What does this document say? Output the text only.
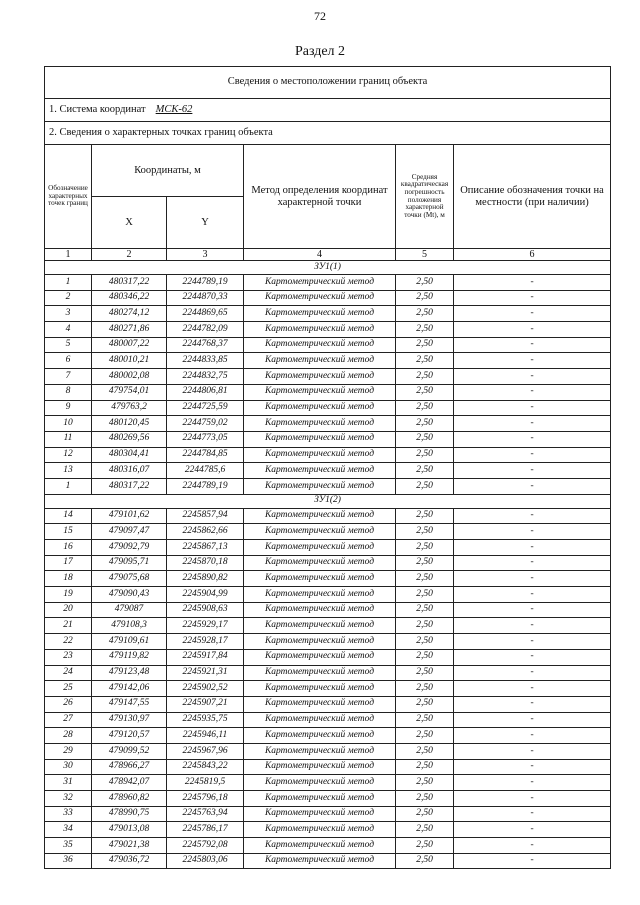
72
Раздел 2
Сведения о местоположении границ объекта					
1. Система координат МСК-62					
2. Сведения о характерных точках границ объекта					
Обозначение характерных точек границ	Координаты, м		Метод определения координат характерной точки	Средняя квадратическая погрешность положения характерной точки (Mt), м	Описание обозначения точки на местности (при наличии)
	X	Y			
1	2	3	4	5	6
ЗУ1(1)					
1	480317,22	2244789,19	Картометрический метод	2,50	-
2	480346,22	2244870,33	Картометрический метод	2,50	-
3	480274,12	2244869,65	Картометрический метод	2,50	-
4	480271,86	2244782,09	Картометрический метод	2,50	-
5	480007,22	2244768,37	Картометрический метод	2,50	-
6	480010,21	2244833,85	Картометрический метод	2,50	-
7	480002,08	2244832,75	Картометрический метод	2,50	-
8	479754,01	2244806,81	Картометрический метод	2,50	-
9	479763,2	2244725,59	Картометрический метод	2,50	-
10	480120,45	2244759,02	Картометрический метод	2,50	-
11	480269,56	2244773,05	Картометрический метод	2,50	-
12	480304,41	2244784,85	Картометрический метод	2,50	-
13	480316,07	2244785,6	Картометрический метод	2,50	-
1	480317,22	2244789,19	Картометрический метод	2,50	-
ЗУ1(2)					
14	479101,62	2245857,94	Картометрический метод	2,50	-
15	479097,47	2245862,66	Картометрический метод	2,50	-
16	479092,79	2245867,13	Картометрический метод	2,50	-
17	479095,71	2245870,18	Картометрический метод	2,50	-
18	479075,68	2245890,82	Картометрический метод	2,50	-
19	479090,43	2245904,99	Картометрический метод	2,50	-
20	479087	2245908,63	Картометрический метод	2,50	-
21	479108,3	2245929,17	Картометрический метод	2,50	-
22	479109,61	2245928,17	Картометрический метод	2,50	-
23	479119,82	2245917,84	Картометрический метод	2,50	-
24	479123,48	2245921,31	Картометрический метод	2,50	-
25	479142,06	2245902,52	Картометрический метод	2,50	-
26	479147,55	2245907,21	Картометрический метод	2,50	-
27	479130,97	2245935,75	Картометрический метод	2,50	-
28	479120,57	2245946,11	Картометрический метод	2,50	-
29	479099,52	2245967,96	Картометрический метод	2,50	-
30	478966,27	2245843,22	Картометрический метод	2,50	-
31	478942,07	2245819,5	Картометрический метод	2,50	-
32	478960,82	2245796,18	Картометрический метод	2,50	-
33	478990,75	2245763,94	Картометрический метод	2,50	-
34	479013,08	2245786,17	Картометрический метод	2,50	-
35	479021,38	2245792,08	Картометрический метод	2,50	-
36	479036,72	2245803,06	Картометрический метод	2,50	-
